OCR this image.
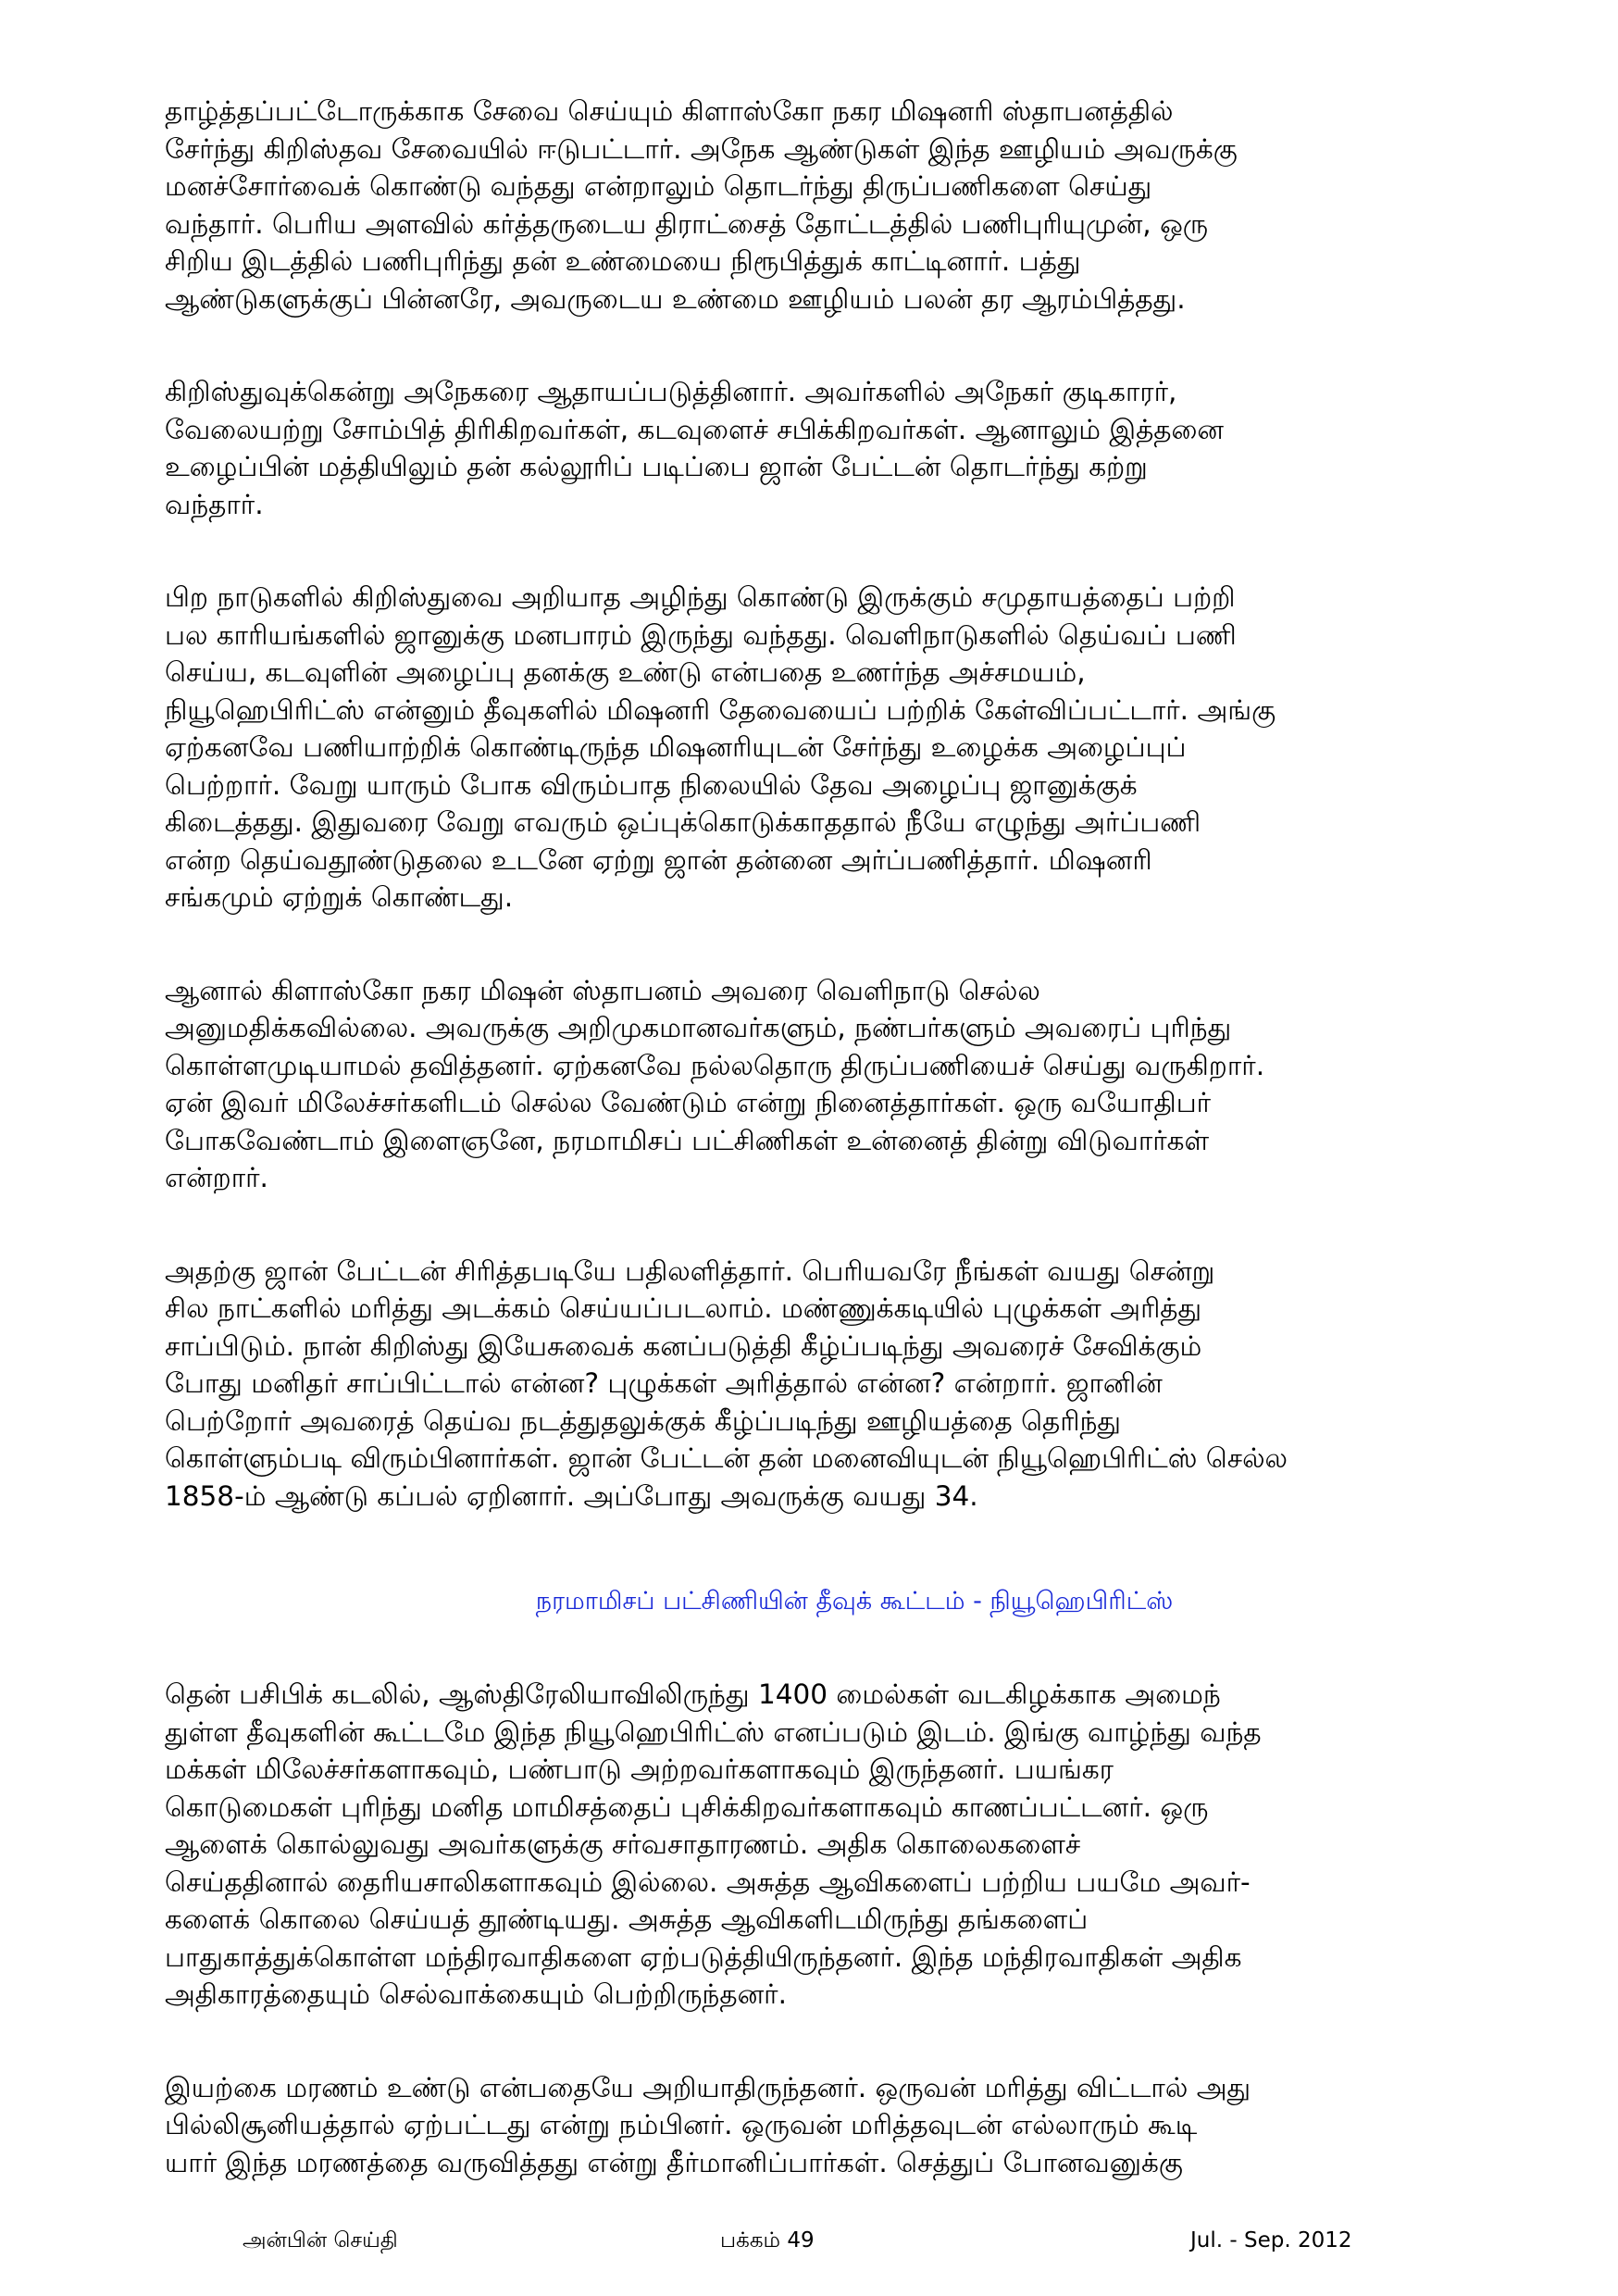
தாழ்த்தப்பட்டோருக்காக சேவை செய்யும் கிளாஸ்கோ நகர மிஷனரி ஸ்தாபனத்தில்
சேர்ந்து கிறிஸ்தவ சேவையில் ஈடுபட்டார். அநேக ஆண்டுகள் இந்த ஊழியம் அவருக்கு
மனச்சோர்வைக் கொண்டு வந்தது என்றாலும் தொடர்ந்து திருப்பணிகளை செய்து
வந்தார். பெரிய அளவில் கர்த்தருடைய திராட்சைத் தோட்டத்தில் பணிபுரியுமுன், ஒரு
சிறிய இடத்தில் பணிபுரிந்து தன் உண்மையை நிரூபித்துக் காட்டினார். பத்து
ஆண்டுகளுக்குப் பின்னரே, அவருடைய உண்மை ஊழியம் பலன் தர ஆரம்பித்தது.
கிறிஸ்துவுக்கென்று அநேகரை ஆதாயப்படுத்தினார். அவர்களில் அநேகர் குடிகாரர்,
வேலையற்று சோம்பித் திரிகிறவர்கள், கடவுளைச் சபிக்கிறவர்கள். ஆனாலும் இத்தனை
உழைப்பின் மத்தியிலும் தன் கல்லூரிப் படிப்பை ஜான் பேட்டன் தொடர்ந்து கற்று
வந்தார்.
பிற நாடுகளில் கிறிஸ்துவை அறியாத அழிந்து கொண்டு இருக்கும் சமுதாயத்தைப் பற்றி
பல காரியங்களில் ஜானுக்கு மனபாரம் இருந்து வந்தது. வெளிநாடுகளில் தெய்வப் பணி
செய்ய, கடவுளின் அழைப்பு தனக்கு உண்டு என்பதை உணர்ந்த அச்சமயம்,
நியூஹெபிரிட்ஸ் என்னும் தீவுகளில் மிஷனரி தேவையைப் பற்றிக் கேள்விப்பட்டார். அங்கு
ஏற்கனவே பணியாற்றிக் கொண்டிருந்த மிஷனரியுடன் சேர்ந்து உழைக்க அழைப்புப்
பெற்றார். வேறு யாரும் போக விரும்பாத நிலையில் தேவ அழைப்பு ஜானுக்குக்
கிடைத்தது. இதுவரை வேறு எவரும் ஒப்புக்கொடுக்காததால் நீயே எழுந்து அர்ப்பணி
என்ற தெய்வதூண்டுதலை உடனே ஏற்று ஜான் தன்னை அர்ப்பணித்தார். மிஷனரி
சங்கமும் ஏற்றுக் கொண்டது.
ஆனால் கிளாஸ்கோ நகர மிஷன் ஸ்தாபனம் அவரை வெளிநாடு செல்ல
அனுமதிக்கவில்லை. அவருக்கு அறிமுகமானவர்களும், நண்பர்களும் அவரைப் புரிந்து
கொள்ளமுடியாமல் தவித்தனர். ஏற்கனவே நல்லதொரு திருப்பணியைச் செய்து வருகிறார்.
ஏன் இவர் மிலேச்சர்களிடம் செல்ல வேண்டும் என்று நினைத்தார்கள். ஒரு வயோதிபர்
போகவேண்டாம் இளைஞனே, நரமாமிசப் பட்சிணிகள் உன்னைத் தின்று விடுவார்கள்
என்றார்.
அதற்கு ஜான் பேட்டன் சிரித்தபடியே பதிலளித்தார். பெரியவரே நீங்கள் வயது சென்று
சில நாட்களில் மரித்து அடக்கம் செய்யப்படலாம். மண்ணுக்கடியில் புழுக்கள் அரித்து
சாப்பிடும். நான் கிறிஸ்து இயேசுவைக் கனப்படுத்தி கீழ்ப்படிந்து அவரைச் சேவிக்கும்
போது மனிதர் சாப்பிட்டால் என்ன? புழுக்கள் அரித்தால் என்ன? என்றார். ஜானின்
பெற்றோர் அவரைத் தெய்வ நடத்துதலுக்குக் கீழ்ப்படிந்து ஊழியத்தை தெரிந்து
கொள்ளும்படி விரும்பினார்கள். ஜான் பேட்டன் தன் மனைவியுடன் நியூஹெபிரிட்ஸ் செல்ல
1858-ம் ஆண்டு கப்பல் ஏறினார். அப்போது அவருக்கு வயது 34.
நரமாமிசப் பட்சிணியின் தீவுக் கூட்டம் - நியூஹெபிரிட்ஸ்
தென் பசிபிக் கடலில், ஆஸ்திரேலியாவிலிருந்து 1400 மைல்கள் வடகிழக்காக அமைந்
துள்ள தீவுகளின் கூட்டமே இந்த நியூஹெபிரிட்ஸ் எனப்படும் இடம். இங்கு வாழ்ந்து வந்த
மக்கள் மிலேச்சர்களாகவும், பண்பாடு அற்றவர்களாகவும் இருந்தனர். பயங்கர
கொடுமைகள் புரிந்து மனித மாமிசத்தைப் புசிக்கிறவர்களாகவும் காணப்பட்டனர். ஒரு
ஆளைக் கொல்லுவது அவர்களுக்கு சர்வசாதாரணம். அதிக கொலைகளைச்
செய்ததினால் தைரியசாலிகளாகவும் இல்லை. அசுத்த ஆவிகளைப் பற்றிய பயமே அவர்-
களைக் கொலை செய்யத் தூண்டியது. அசுத்த ஆவிகளிடமிருந்து தங்களைப்
பாதுகாத்துக்கொள்ள மந்திரவாதிகளை ஏற்படுத்தியிருந்தனர். இந்த மந்திரவாதிகள் அதிக
அதிகாரத்தையும் செல்வாக்கையும் பெற்றிருந்தனர்.
இயற்கை மரணம் உண்டு என்பதையே அறியாதிருந்தனர். ஒருவன் மரித்து விட்டால் அது
பில்லிசூனியத்தால் ஏற்பட்டது என்று நம்பினர். ஒருவன் மரித்தவுடன் எல்லாரும் கூடி
யார் இந்த மரணத்தை வருவித்தது என்று தீர்மானிப்பார்கள். செத்துப் போனவனுக்கு
அன்பின் செய்தி	பக்கம் 49	Jul. - Sep. 2012
